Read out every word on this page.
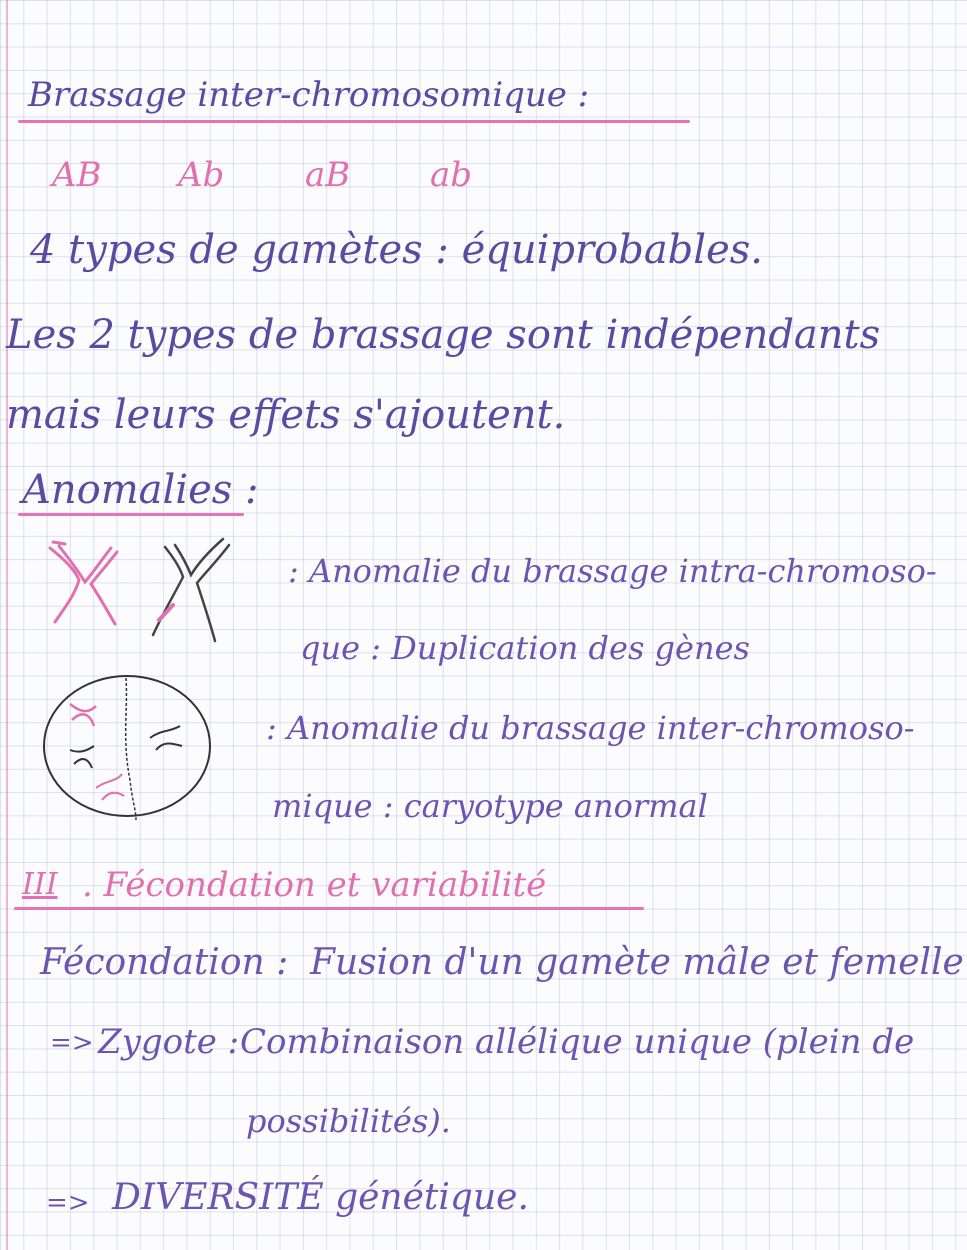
Brassage inter-chromosomique :
AB Ab aB ab
4 types de gamètes : équiprobables.
Les 2 types de brassage sont indépendants
mais leurs effets s'ajoutent.
Anomalies :
: Anomalie du brassage intra-chromoso-
que : Duplication des gènes
: Anomalie du brassage inter-chromoso-
mique : caryotype anormal
III . Fécondation et variabilité
Fécondation : Fusion d'un gamète mâle et femelle
=> Zygote : Combinaison allélique unique (plein de
possibilités).
=> DIVERSITÉ génétique.
